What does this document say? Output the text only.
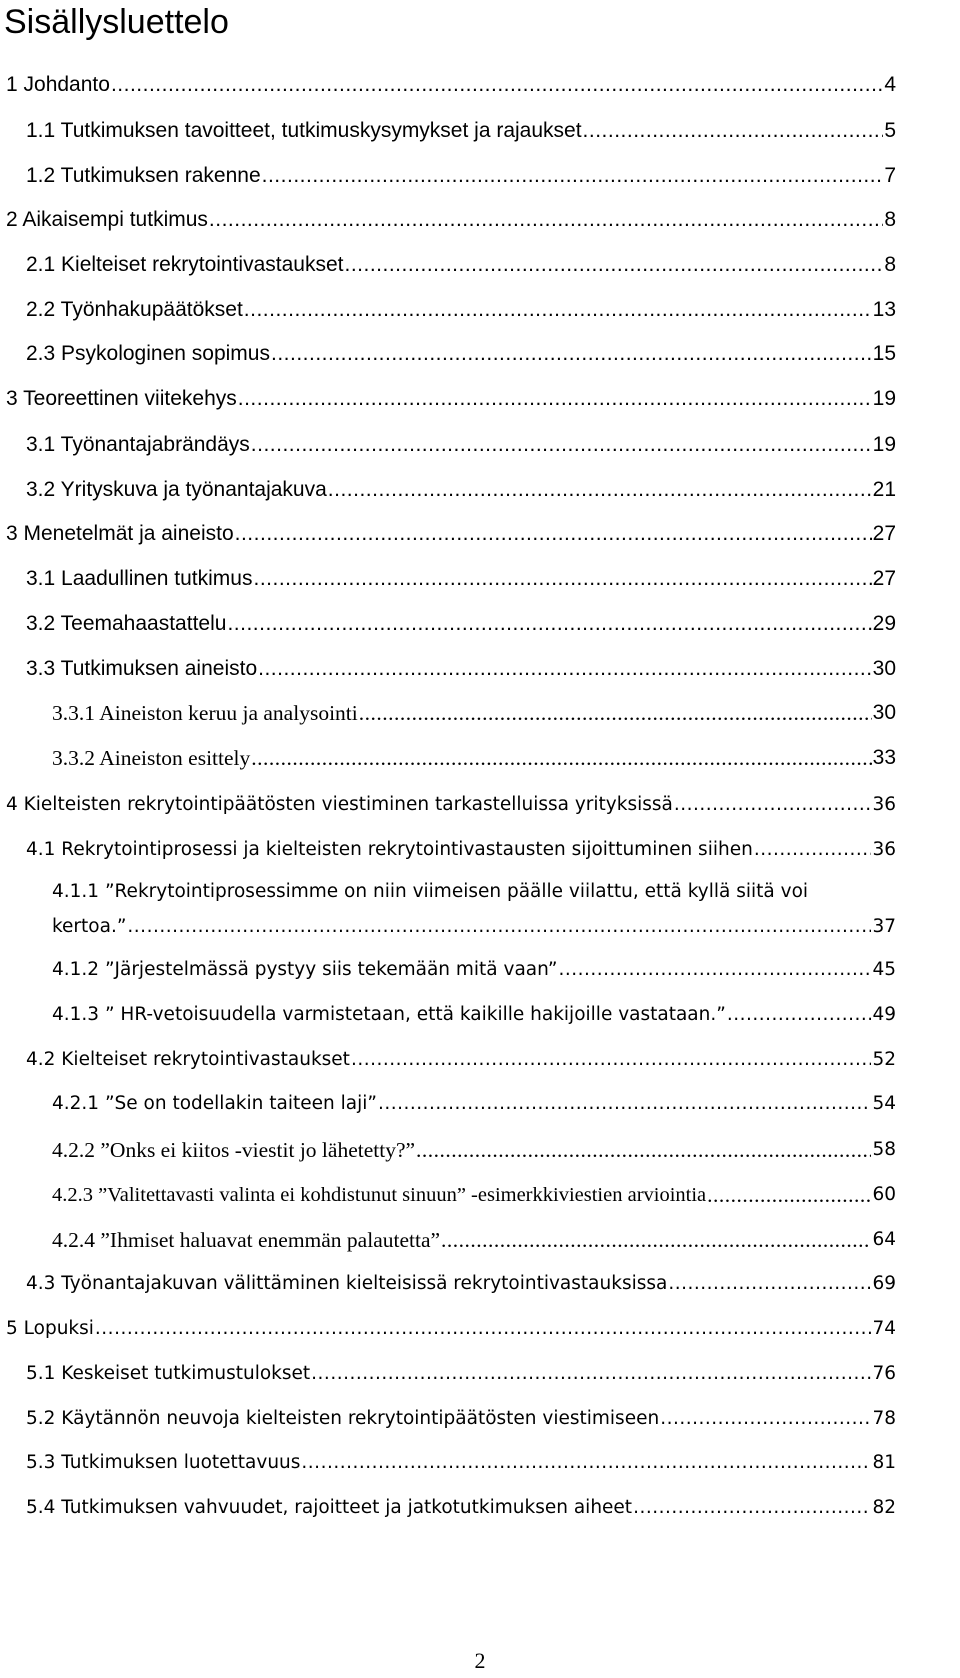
Sisällysluettelo
1 Johdanto .....	4
1.1 Tutkimuksen tavoitteet, tutkimuskysymykset ja rajaukset .....	5
1.2 Tutkimuksen rakenne .....	7
2 Aikaisempi tutkimus .....	8
2.1 Kielteiset rekrytointivastaukset .....	8
2.2 Työnhakupäätökset .....	13
2.3 Psykologinen sopimus .....	15
3 Teoreettinen viitekehys .....	19
3.1 Työnantajabrändäys .....	19
3.2 Yrityskuva ja työnantajakuva .....	21
3 Menetelmät ja aineisto .....	27
3.1 Laadullinen tutkimus .....	27
3.2 Teemahaastattelu .....	29
3.3 Tutkimuksen aineisto .....	30
3.3.1 Aineiston keruu ja analysointi .....	30
3.3.2 Aineiston esittely .....	33
4 Kielteisten rekrytointipäätösten viestiminen tarkastelluissa yrityksissä .....	36
4.1 Rekrytointiprosessi ja kielteisten rekrytointivastausten sijoittuminen siihen .....	36
4.1.1 ”Rekrytointiprosessimme on niin viimeisen päälle viilattu, että kyllä siitä voi
kertoa.” .....	37
4.1.2 ”Järjestelmässä pystyy siis tekemään mitä vaan” .....	45
4.1.3 ” HR-vetoisuudella varmistetaan, että kaikille hakijoille vastataan.” .....	49
4.2 Kielteiset rekrytointivastaukset .....	52
4.2.1 ”Se on todellakin taiteen laji” .....	54
4.2.2 ”Onks ei kiitos -viestit jo lähetetty?” .....	58
4.2.3 ”Valitettavasti valinta ei kohdistunut sinuun” -esimerkkiviestien arviointia .....	60
4.2.4 ”Ihmiset haluavat enemmän palautetta” .....	64
4.3 Työnantajakuvan välittäminen kielteisissä rekrytointivastauksissa .....	69
5 Lopuksi .....	74
5.1 Keskeiset tutkimustulokset .....	76
5.2 Käytännön neuvoja kielteisten rekrytointipäätösten viestimiseen .....	78
5.3 Tutkimuksen luotettavuus .....	81
5.4 Tutkimuksen vahvuudet, rajoitteet ja jatkotutkimuksen aiheet .....	82
2
